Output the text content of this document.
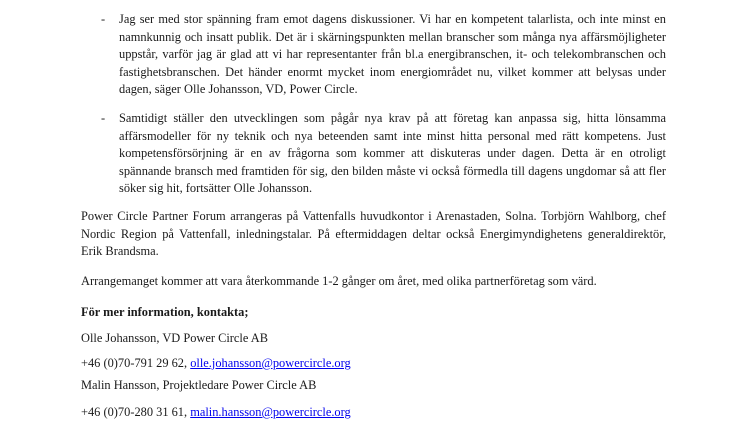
- Jag ser med stor spänning fram emot dagens diskussioner. Vi har en kompetent talarlista, och inte minst en namnkunnig och insatt publik. Det är i skärningspunkten mellan branscher som många nya affärsmöjligheter uppstår, varför jag är glad att vi har representanter från bl.a energibranschen, it- och telekombranschen och fastighetsbranschen. Det händer enormt mycket inom energiområdet nu, vilket kommer att belysas under dagen, säger Olle Johansson, VD, Power Circle.
- Samtidigt ställer den utvecklingen som pågår nya krav på att företag kan anpassa sig, hitta lönsamma affärsmodeller för ny teknik och nya beteenden samt inte minst hitta personal med rätt kompetens. Just kompetensförsörjning är en av frågorna som kommer att diskuteras under dagen. Detta är en otroligt spännande bransch med framtiden för sig, den bilden måste vi också förmedla till dagens ungdomar så att fler söker sig hit, fortsätter Olle Johansson.
Power Circle Partner Forum arrangeras på Vattenfalls huvudkontor i Arenastaden, Solna. Torbjörn Wahlborg, chef Nordic Region på Vattenfall, inledningstalar. På eftermiddagen deltar också Energimyndighetens generaldirektör, Erik Brandsma.
Arrangemanget kommer att vara återkommande 1-2 gånger om året, med olika partnerföretag som värd.
För mer information, kontakta;
Olle Johansson, VD Power Circle AB
+46 (0)70-791 29 62, olle.johansson@powercircle.org
Malin Hansson, Projektledare Power Circle AB
+46 (0)70-280 31 61, malin.hansson@powercircle.org
